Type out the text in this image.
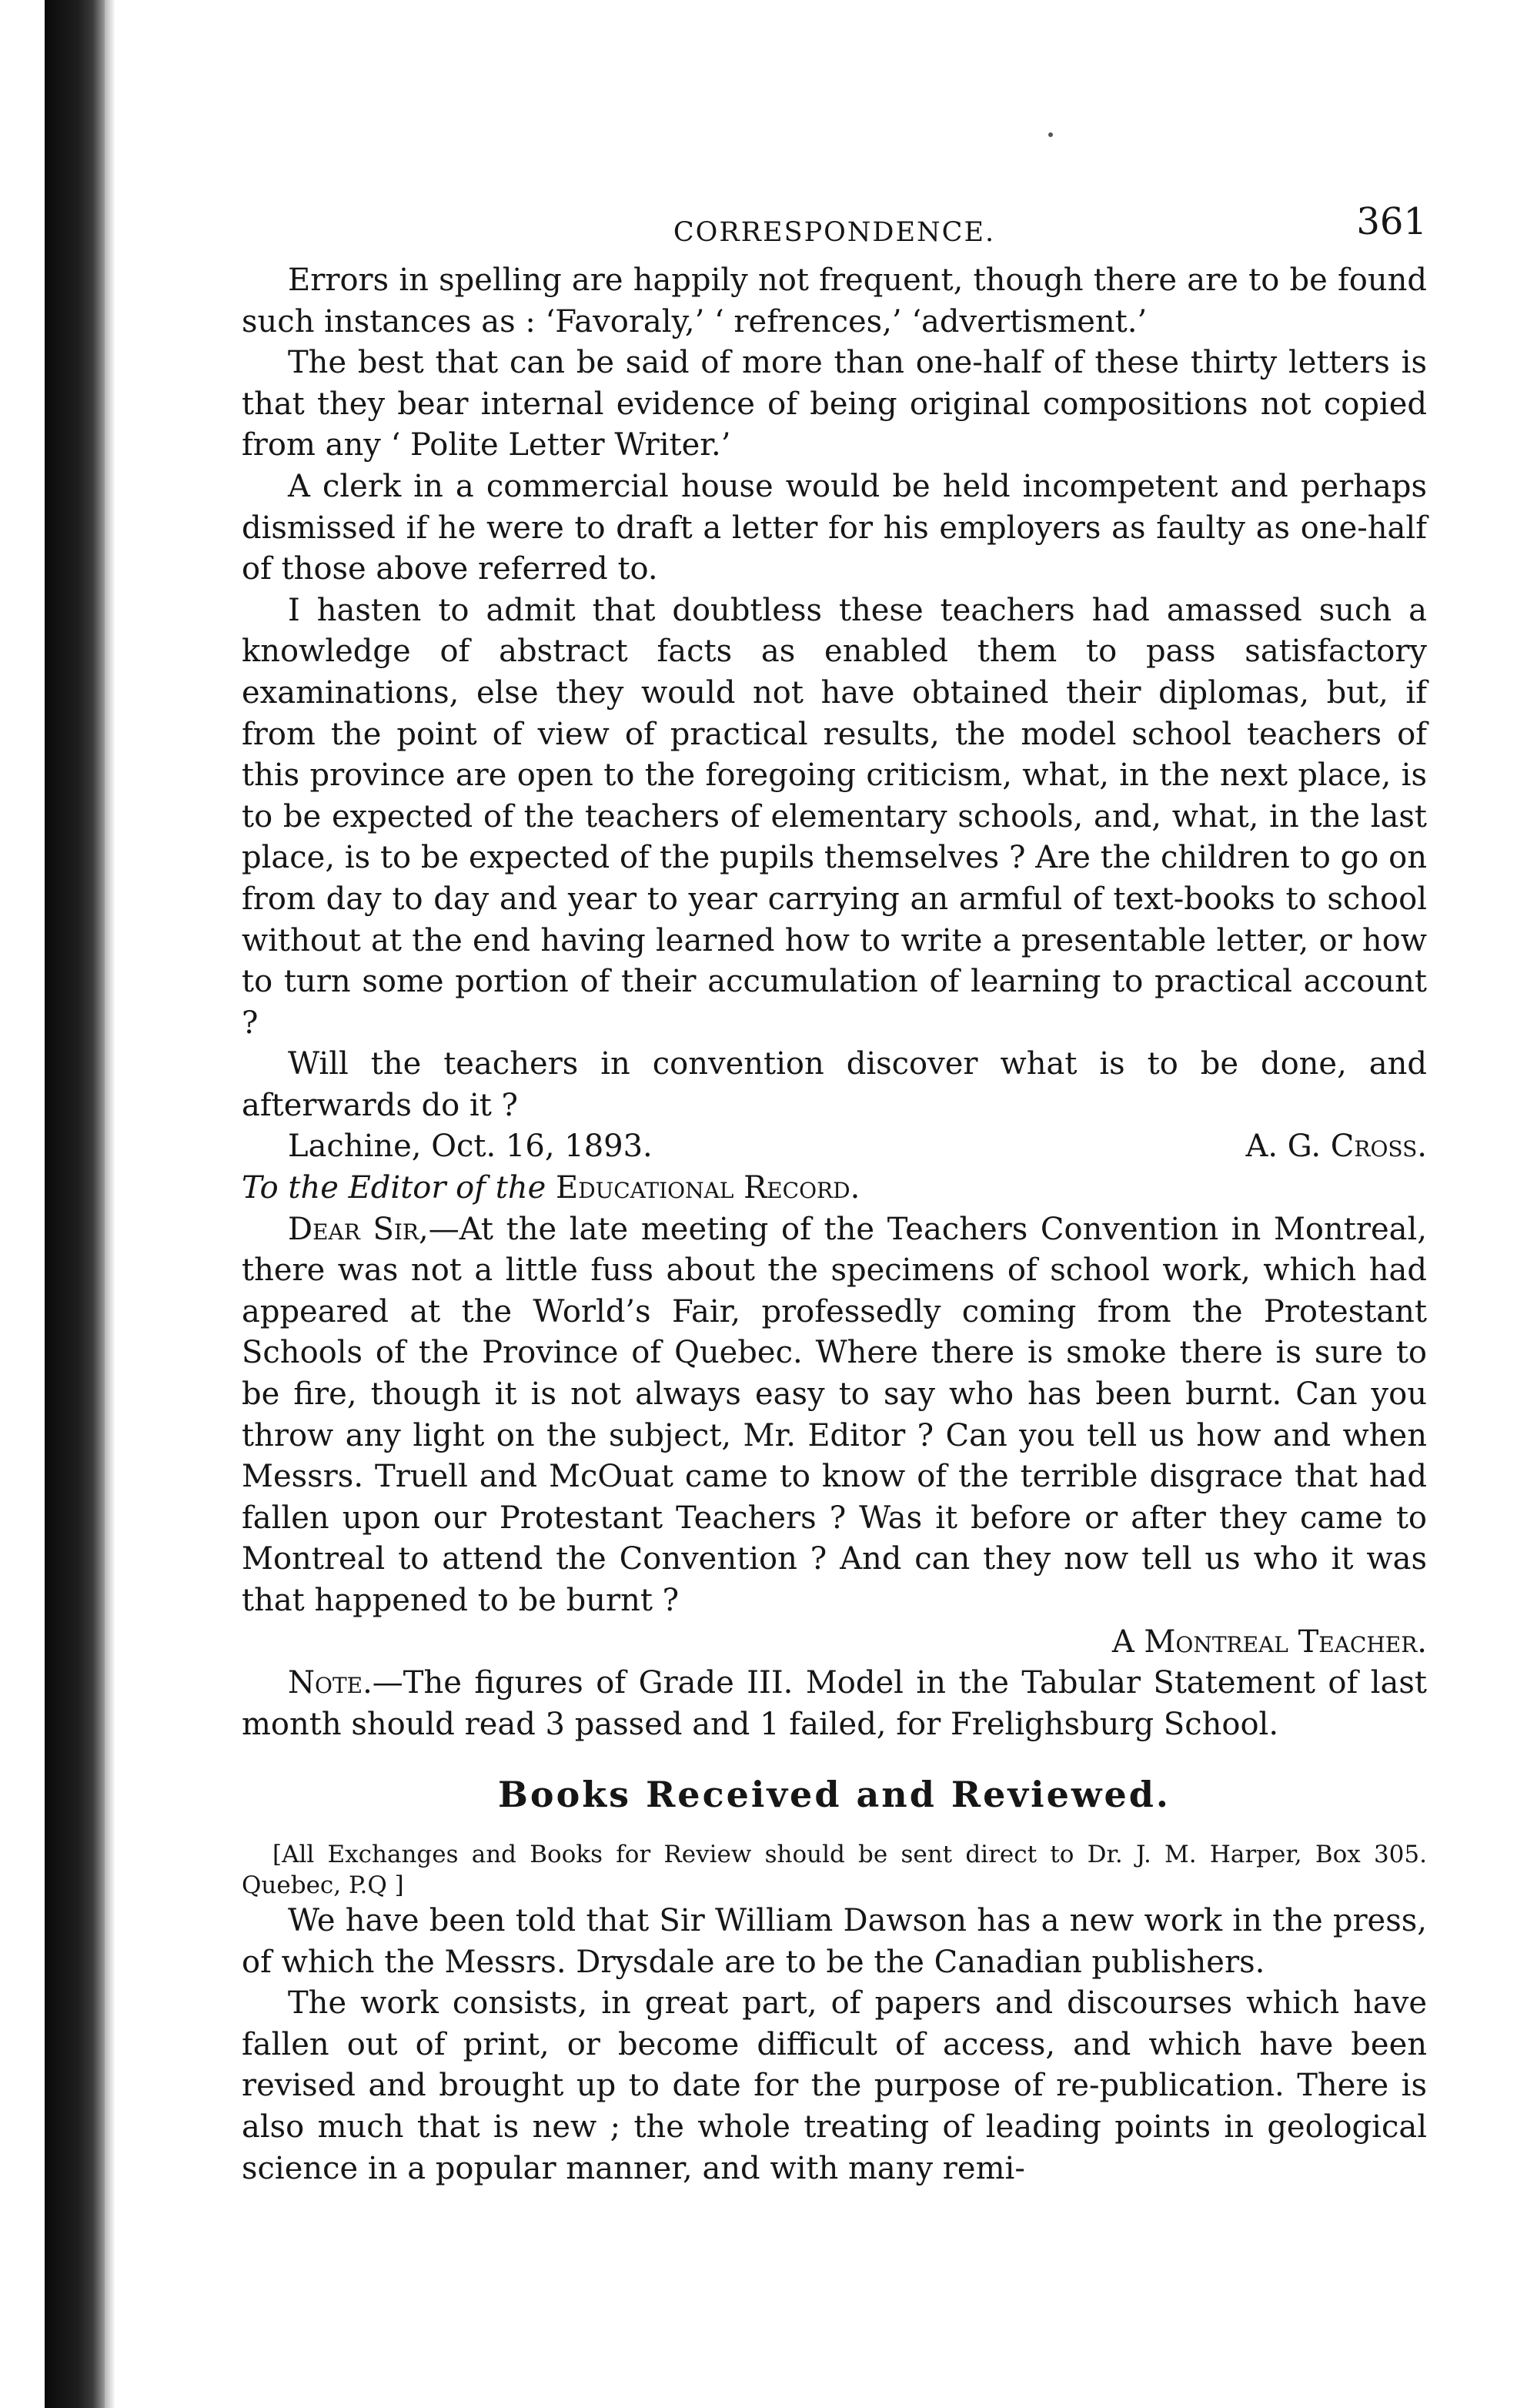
CORRESPONDENCE.	361

Errors in spelling are happily not frequent, though there are to be found such instances as : ‘Favoraly,’ ‘ refrences,’ ‘advertisment.’

The best that can be said of more than one-half of these thirty letters is that they bear internal evidence of being original compositions not copied from any ‘ Polite Letter Writer.’

A clerk in a commercial house would be held incompetent and perhaps dismissed if he were to draft a letter for his employers as faulty as one-half of those above referred to.

I hasten to admit that doubtless these teachers had amassed such a knowledge of abstract facts as enabled them to pass satisfactory examinations, else they would not have obtained their diplomas, but, if from the point of view of practical results, the model school teachers of this province are open to the foregoing criticism, what, in the next place, is to be expected of the teachers of elementary schools, and, what, in the last place, is to be expected of the pupils themselves ? Are the children to go on from day to day and year to year carrying an armful of text-books to school without at the end having learned how to write a presentable letter, or how to turn some portion of their accumulation of learning to practical account ?

Will the teachers in convention discover what is to be done, and afterwards do it ?

Lachine, Oct. 16, 1893.	A. G. Cross.

To the Editor of the Educational Record.

Dear Sir,—At the late meeting of the Teachers Convention in Montreal, there was not a little fuss about the specimens of school work, which had appeared at the World’s Fair, professedly coming from the Protestant Schools of the Province of Quebec. Where there is smoke there is sure to be fire, though it is not always easy to say who has been burnt. Can you throw any light on the subject, Mr. Editor ? Can you tell us how and when Messrs. Truell and McOuat came to know of the terrible disgrace that had fallen upon our Protestant Teachers ? Was it before or after they came to Montreal to attend the Convention ? And can they now tell us who it was that happened to be burnt ?

A Montreal Teacher.

Note.—The figures of Grade III. Model in the Tabular Statement of last month should read 3 passed and 1 failed, for Frelighsburg School.

Books Received and Reviewed.

[All Exchanges and Books for Review should be sent direct to Dr. J. M. Harper, Box 305. Quebec, P.Q ]

We have been told that Sir William Dawson has a new work in the press, of which the Messrs. Drysdale are to be the Canadian publishers.

The work consists, in great part, of papers and discourses which have fallen out of print, or become difficult of access, and which have been revised and brought up to date for the purpose of re-publication. There is also much that is new ; the whole treating of leading points in geological science in a popular manner, and with many remi-
